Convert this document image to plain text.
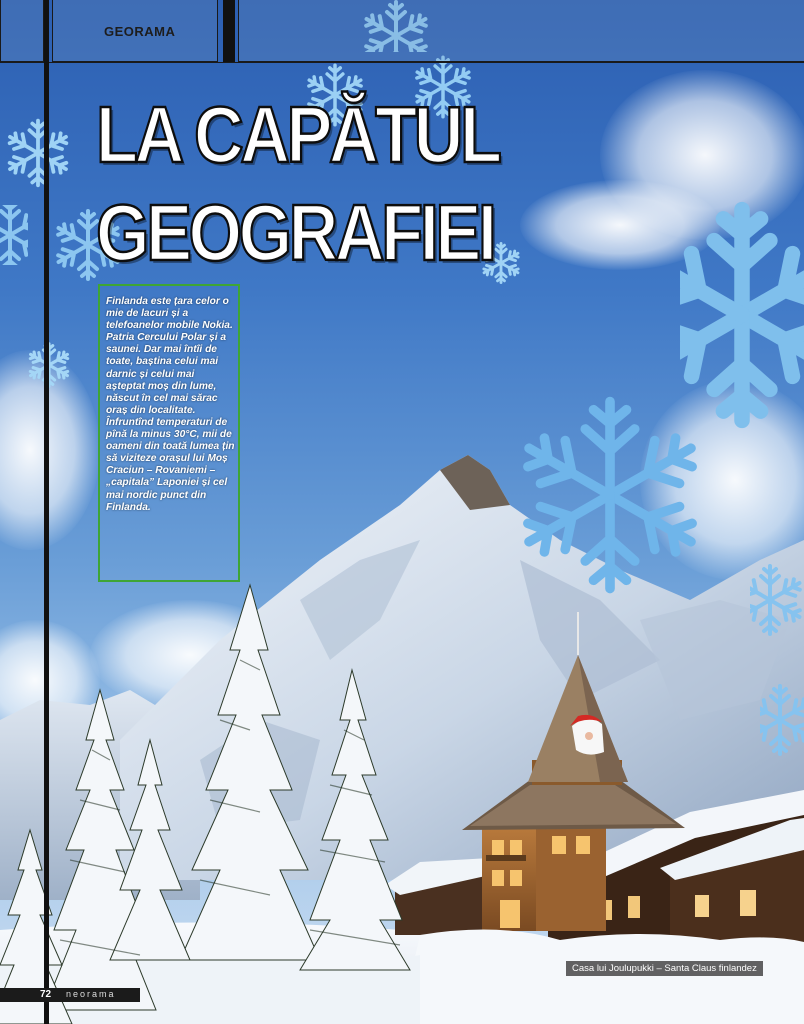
GEORAMA
LA CAPĂTUL
GEOGRAFIEI

Finlanda este țara celor o mie de lacuri și a telefoanelor mobile Nokia. Patria Cercului Polar și a saunei. Dar mai întîi de toate, baștina celui mai darnic și celui mai așteptat moș din lume, născut în cel mai sărac oraș din localitate. Înfruntînd temperaturi de pînă la minus 30°C, mii de oameni din toată lumea țin să viziteze orașul lui Moș Craciun – Rovaniemi – „capitala” Laponiei și cel mai nordic punct din Finlanda.

Casa lui Joulupukki – Santa Claus finlandez
72 neorama
